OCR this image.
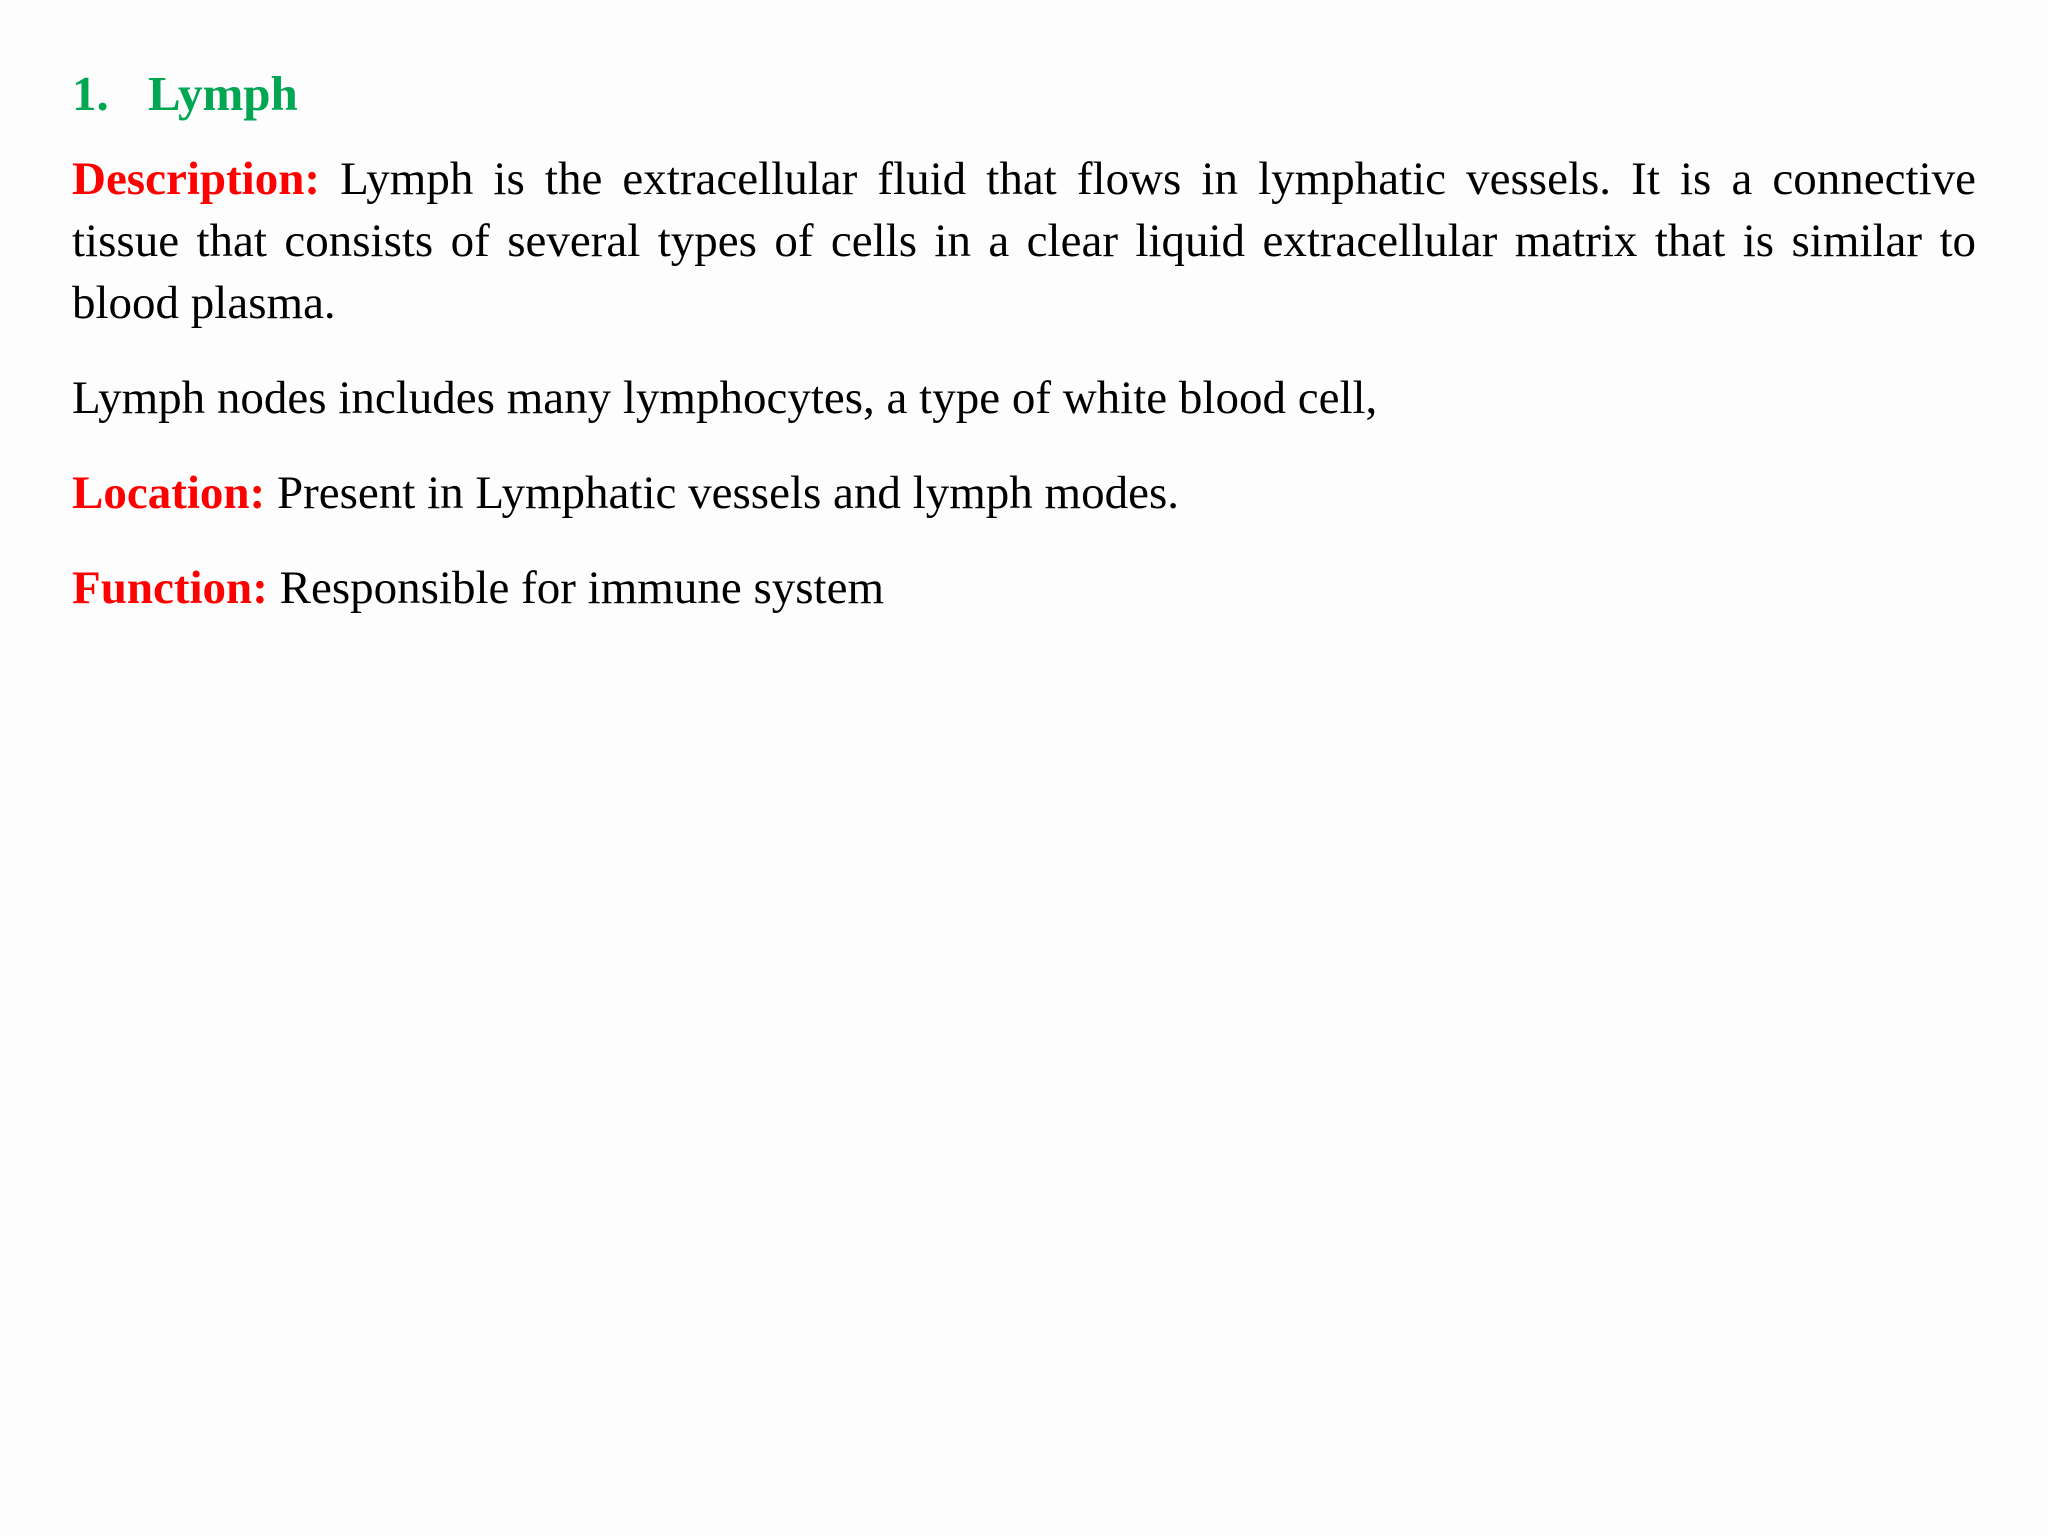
1. Lymph

Description: Lymph is the extracellular fluid that flows in lymphatic vessels. It is a connective tissue that consists of several types of cells in a clear liquid extracellular matrix that is similar to blood plasma.

Lymph nodes includes many lymphocytes, a type of white blood cell,

Location: Present in Lymphatic vessels and lymph modes.

Function: Responsible for immune system
